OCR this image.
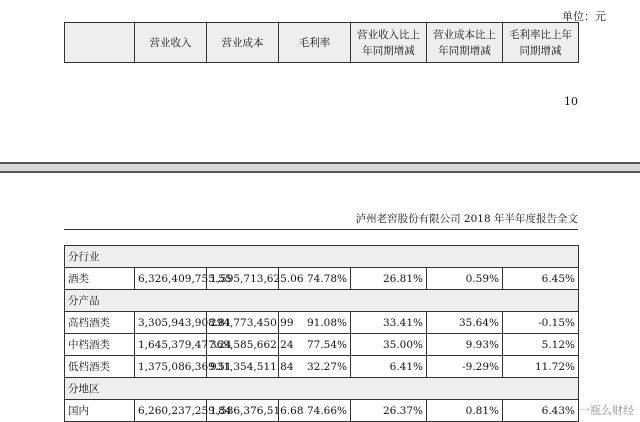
单位：元
	营业收入	营业成本	毛利率	营业收入比上年同期增减	营业成本比上年同期增减	毛利率比上年同期增减
10
泸州老窖股份有限公司 2018 年半年度报告全文
分行业						
酒类	6,326,409,755.55	1,595,713,625.06	74.78%	26.81%	0.59%	6.45%
分产品						
高档酒类	3,305,943,908.81	294,773,450.99	91.08%	33.41%	35.64%	-0.15%
中档酒类	1,645,379,477.24	369,585,662.24	77.54%	35.00%	9.93%	5.12%
低档酒类	1,375,086,369.51	931,354,511.84	32.27%	6.41%	-9.29%	11.72%
分地区						
国内	6,260,237,259.84	1,586,376,516.68	74.66%	26.37%	0.81%	6.43% 一瓶么财经
